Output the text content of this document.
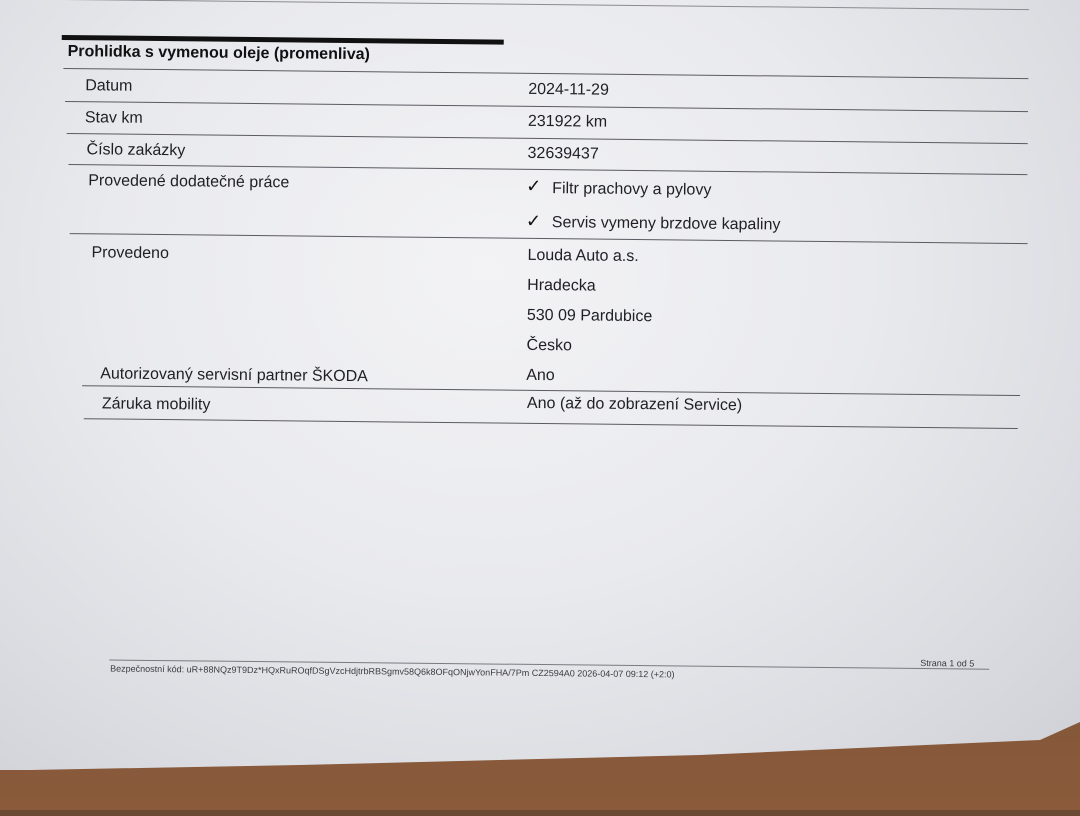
Prohlidka s vymenou oleje (promenliva)
Datum	2024-11-29
Stav km	231922 km
Číslo zakázky	32639437
Provedené dodatečné práce	✓ Filtr prachovy a pylovy
✓ Servis vymeny brzdove kapaliny
Provedeno	Louda Auto a.s.
Hradecka
530 09 Pardubice
Česko
Autorizovaný servisní partner ŠKODA	Ano
Záruka mobility	Ano (až do zobrazení Service)
Strana 1 od 5
Bezpečnostní kód: uR+88NQz9T9Dz*HQxRuROqfDSgVzcHdjtrbRBSgmv58Q6k8OFqONjwYonFHA/7Pm CZ2594A0 2026-04-07 09:12 (+2:0)
